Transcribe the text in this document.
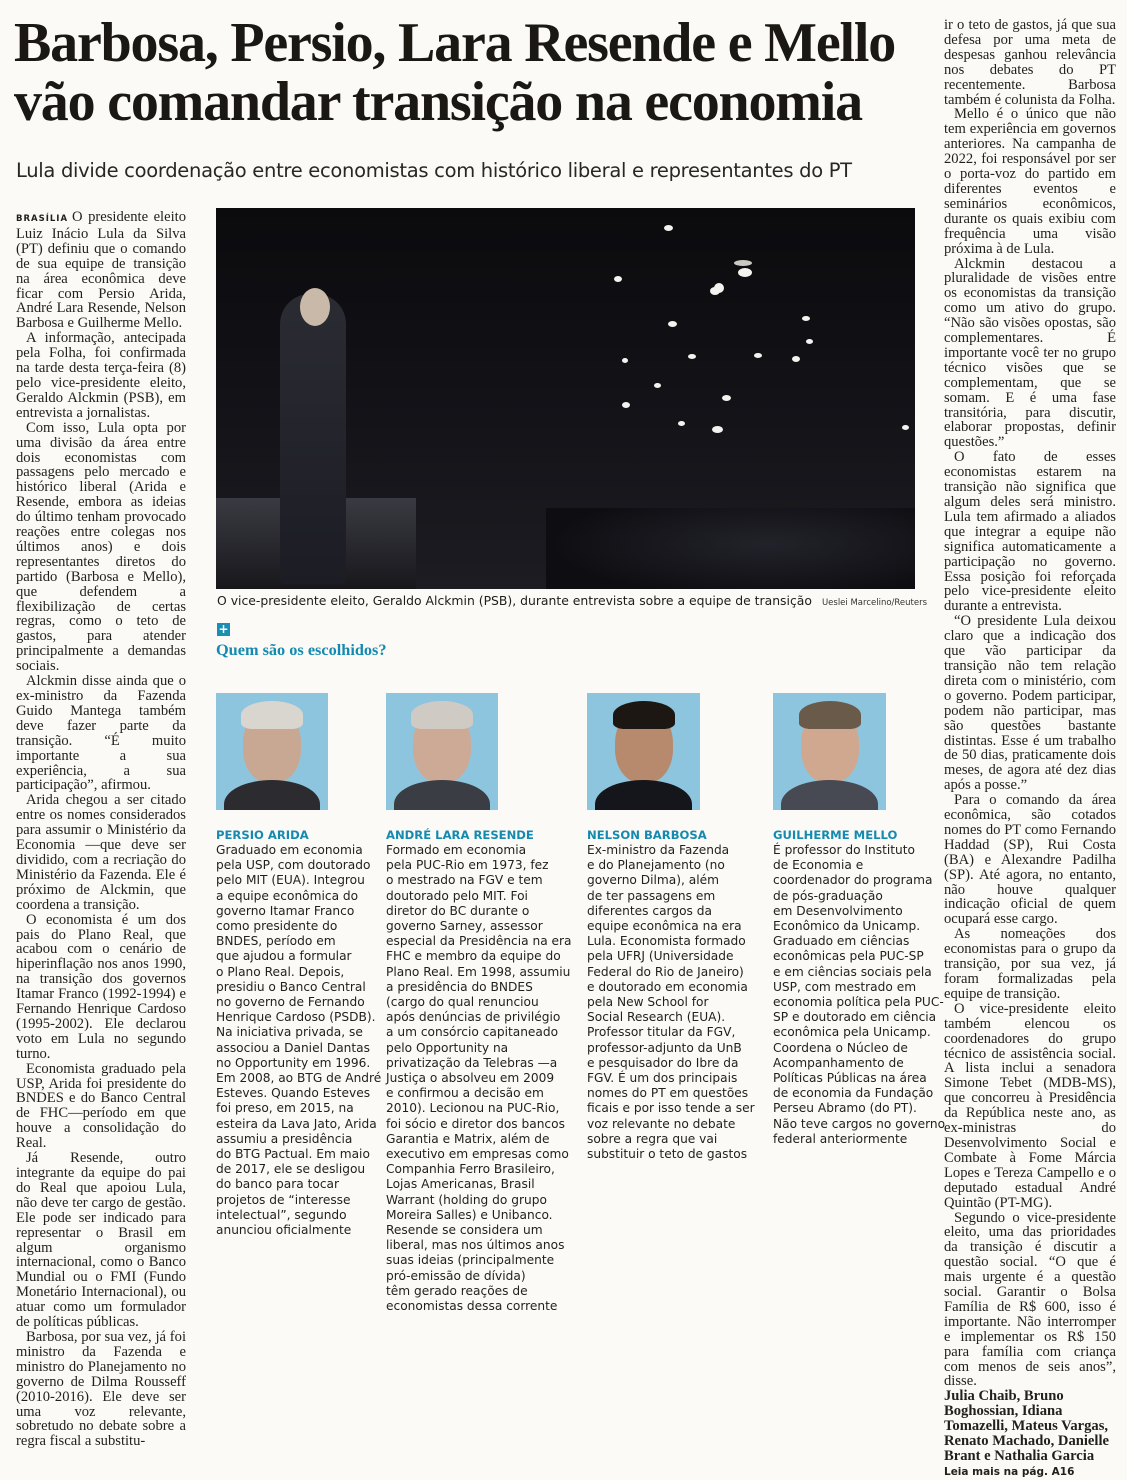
Barbosa, Persio, Lara Resende e Mello
vão comandar transição na economia
Lula divide coordenação entre economistas com histórico liberal e representantes do PT

BRASÍLIA O presidente eleito Luiz Inácio Lula da Silva (PT) definiu que o comando de sua equipe de transição na área econômica deve ficar com Persio Arida, André Lara Resende, Nelson Barbosa e Guilherme Mello.

A informação, antecipada pela Folha, foi confirmada na tarde desta terça-feira (8) pelo vice-presidente eleito, Geraldo Alckmin (PSB), em entrevista a jornalistas.

Com isso, Lula opta por uma divisão da área entre dois economistas com passagens pelo mercado e histórico liberal (Arida e Resende, embora as ideias do último tenham provocado reações entre colegas nos últimos anos) e dois representantes diretos do partido (Barbosa e Mello), que defendem a flexibilização de certas regras, como o teto de gastos, para atender principalmente a demandas sociais.

Alckmin disse ainda que o ex-ministro da Fazenda Guido Mantega também deve fazer parte da transição. “É muito importante a sua experiência, a sua participação”, afirmou.

Arida chegou a ser citado entre os nomes considerados para assumir o Ministério da Economia —que deve ser dividido, com a recriação do Ministério da Fazenda. Ele é próximo de Alckmin, que coordena a transição.

O economista é um dos pais do Plano Real, que acabou com o cenário de hiperinflação nos anos 1990, na transição dos governos Itamar Franco (1992-1994) e Fernando Henrique Cardoso (1995-2002). Ele declarou voto em Lula no segundo turno.

Economista graduado pela USP, Arida foi presidente do BNDES e do Banco Central de FHC—período em que houve a consolidação do Real.

Já Resende, outro integrante da equipe do pai do Real que apoiou Lula, não deve ter cargo de gestão. Ele pode ser indicado para representar o Brasil em algum organismo internacional, como o Banco Mundial ou o FMI (Fundo Monetário Internacional), ou atuar como um formulador de políticas públicas.

Barbosa, por sua vez, já foi ministro da Fazenda e ministro do Planejamento no governo de Dilma Rousseff (2010-2016). Ele deve ser uma voz relevante, sobretudo no debate sobre a regra fiscal a substitu-

O vice-presidente eleito, Geraldo Alckmin (PSB), durante entrevista sobre a equipe de transição Ueslei Marcelino/Reuters
+
Quem são os escolhidos?
PERSIO ARIDA
Graduado em economia
pela USP, com doutorado
pelo MIT (EUA). Integrou
a equipe econômica do
governo Itamar Franco
como presidente do
BNDES, período em
que ajudou a formular
o Plano Real. Depois,
presidiu o Banco Central
no governo de Fernando
Henrique Cardoso (PSDB).
Na iniciativa privada, se
associou a Daniel Dantas
no Opportunity em 1996.
Em 2008, ao BTG de André
Esteves. Quando Esteves
foi preso, em 2015, na
esteira da Lava Jato, Arida
assumiu a presidência
do BTG Pactual. Em maio
de 2017, ele se desligou
do banco para tocar
projetos de “interesse
intelectual”, segundo
anunciou oficialmente
ANDRÉ LARA RESENDE
Formado em economia
pela PUC-Rio em 1973, fez
o mestrado na FGV e tem
doutorado pelo MIT. Foi
diretor do BC durante o
governo Sarney, assessor
especial da Presidência na era
FHC e membro da equipe do
Plano Real. Em 1998, assumiu
a presidência do BNDES
(cargo do qual renunciou
após denúncias de privilégio
a um consórcio capitaneado
pelo Opportunity na
privatização da Telebras —a
Justiça o absolveu em 2009
e confirmou a decisão em
2010). Lecionou na PUC-Rio,
foi sócio e diretor dos bancos
Garantia e Matrix, além de
executivo em empresas como
Companhia Ferro Brasileiro,
Lojas Americanas, Brasil
Warrant (holding do grupo
Moreira Salles) e Unibanco.
Resende se considera um
liberal, mas nos últimos anos
suas ideias (principalmente
pró-emissão de dívida)
têm gerado reações de
economistas dessa corrente
NELSON BARBOSA
Ex-ministro da Fazenda
e do Planejamento (no
governo Dilma), além
de ter passagens em
diferentes cargos da
equipe econômica na era
Lula. Economista formado
pela UFRJ (Universidade
Federal do Rio de Janeiro)
e doutorado em economia
pela New School for
Social Research (EUA).
Professor titular da FGV,
professor-adjunto da UnB
e pesquisador do Ibre da
FGV. É um dos principais
nomes do PT em questões
ficais e por isso tende a ser
voz relevante no debate
sobre a regra que vai
substituir o teto de gastos
GUILHERME MELLO
É professor do Instituto
de Economia e
coordenador do programa
de pós-graduação
em Desenvolvimento
Econômico da Unicamp.
Graduado em ciências
econômicas pela PUC-SP
e em ciências sociais pela
USP, com mestrado em
economia política pela PUC-
SP e doutorado em ciência
econômica pela Unicamp.
Coordena o Núcleo de
Acompanhamento de
Políticas Públicas na área
de economia da Fundação
Perseu Abramo (do PT).
Não teve cargos no governo
federal anteriormente

ir o teto de gastos, já que sua defesa por uma meta de despesas ganhou relevância nos debates do PT recentemente. Barbosa também é colunista da Folha.

Mello é o único que não tem experiência em governos anteriores. Na campanha de 2022, foi responsável por ser o porta-voz do partido em diferentes eventos e seminários econômicos, durante os quais exibiu com frequência uma visão próxima à de Lula.

Alckmin destacou a pluralidade de visões entre os economistas da transição como um ativo do grupo. “Não são visões opostas, são complementares. É importante você ter no grupo técnico visões que se complementam, que se somam. E é uma fase transitória, para discutir, elaborar propostas, definir questões.”

O fato de esses economistas estarem na transição não significa que algum deles será ministro. Lula tem afirmado a aliados que integrar a equipe não significa automaticamente a participação no governo. Essa posição foi reforçada pelo vice-presidente eleito durante a entrevista.

“O presidente Lula deixou claro que a indicação dos que vão participar da transição não tem relação direta com o ministério, com o governo. Podem participar, podem não participar, mas são questões bastante distintas. Esse é um trabalho de 50 dias, praticamente dois meses, de agora até dez dias após a posse.”

Para o comando da área econômica, são cotados nomes do PT como Fernando Haddad (SP), Rui Costa (BA) e Alexandre Padilha (SP). Até agora, no entanto, não houve qualquer indicação oficial de quem ocupará esse cargo.

As nomeações dos economistas para o grupo da transição, por sua vez, já foram formalizadas pela equipe de transição.

O vice-presidente eleito também elencou os coordenadores do grupo técnico de assistência social. A lista inclui a senadora Simone Tebet (MDB-MS), que concorreu à Presidência da República neste ano, as ex-ministras do Desenvolvimento Social e Combate à Fome Márcia Lopes e Tereza Campello e o deputado estadual André Quintão (PT-MG).

Segundo o vice-presidente eleito, uma das prioridades da transição é discutir a questão social. “O que é mais urgente é a questão social. Garantir o Bolsa Família de R$ 600, isso é importante. Não interromper e implementar os R$ 150 para família com criança com menos de seis anos”, disse.

Julia Chaib, Bruno Boghossian, Idiana Tomazelli, Mateus Vargas, Renato Machado, Danielle Brant e Nathalia Garcia

Leia mais na pág. A16
